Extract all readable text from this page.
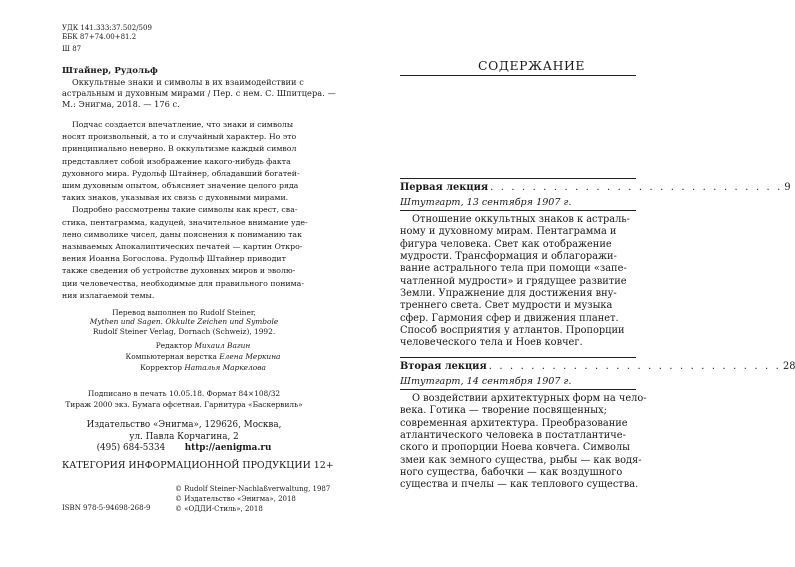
УДК 141.333:37.502/509
ББК 87+74.00+81.2
Ш 87
Штайнер, Рудольф
Оккультные знаки и символы в их взаимодействии с
астральным и духовным мирами / Пер. с нем. С. Шпитцера. —
М.: Энигма, 2018. — 176 с.
Подчас создается впечатление, что знаки и символы
носят произвольный, а то и случайный характер. Но это
принципиально неверно. В оккультизме каждый символ
представляет собой изображение какого-нибудь факта
духовного мира. Рудольф Штайнер, обладавший богатей-
шим духовным опытом, объясняет значение целого ряда
таких знаков, указывая их связь с духовными мирами.
Подробно рассмотрены такие символы как крест, сва-
стика, пентаграмма, кадуцей, значительное внимание уде-
лено символике чисел, даны пояснения к пониманию так
называемых Апокалиптических печатей — картин Откро-
вения Иоанна Богослова. Рудольф Штайнер приводит
также сведения об устройстве духовных миров и эволю-
ции человечества, необходимые для правильного понима-
ния излагаемой темы.
Перевод выполнен по Rudolf Steiner,
Mythen und Sagen. Okkulte Zeichen und Symbole
Rudolf Steiner Verlag, Dornach (Schweiz), 1992.
Редактор Михаил Вагин
Компьютерная верстка Елена Меркина
Корректор Наталья Маркелова
Подписано в печать 10.05.18. Формат 84×108/32
Тираж 2000 экз. Бумага офсетная. Гарнитура «Баскервиль»
Издательство «Энигма», 129626, Москва,
ул. Павла Корчагина, 2
(495) 684-5334 http://aenigma.ru
КАТЕГОРИЯ ИНФОРМАЦИОННОЙ ПРОДУКЦИИ 12+
© Rudolf Steiner-Nachlaßverwaltung, 1987
© Издательство «Энигма», 2018
© «ОДДИ-Стиль», 2018
ISBN 978-5-94698-268-9
СОДЕРЖАНИЕ
Первая лекция . . . . . . . . . . . . . . . . . . . . . . . . . . . . 9
Штутгарт, 13 сентября 1907 г.
Отношение оккультных знаков к астраль-
ному и духовному мирам. Пентаграмма и
фигура человека. Свет как отображение
мудрости. Трансформация и облагоражи-
вание астрального тела при помощи «запе-
чатленной мудрости» и грядущее развитие
Земли. Упражнение для достижения вну-
треннего света. Свет мудрости и музыка
сфер. Гармония сфер и движения планет.
Способ восприятия у атлантов. Пропорции
человеческого тела и Ноев ковчег.
Вторая лекция . . . . . . . . . . . . . . . . . . . . . . . . . . . . 28
Штутгарт, 14 сентября 1907 г.
О воздействии архитектурных форм на чело-
века. Готика — творение посвященных;
современная архитектура. Преобразование
атлантического человека в постатлантиче-
ского и пропорции Ноева ковчега. Символы
змеи как земного существа, рыбы — как водя-
ного существа, бабочки — как воздушного
существа и пчелы — как теплового существа.
